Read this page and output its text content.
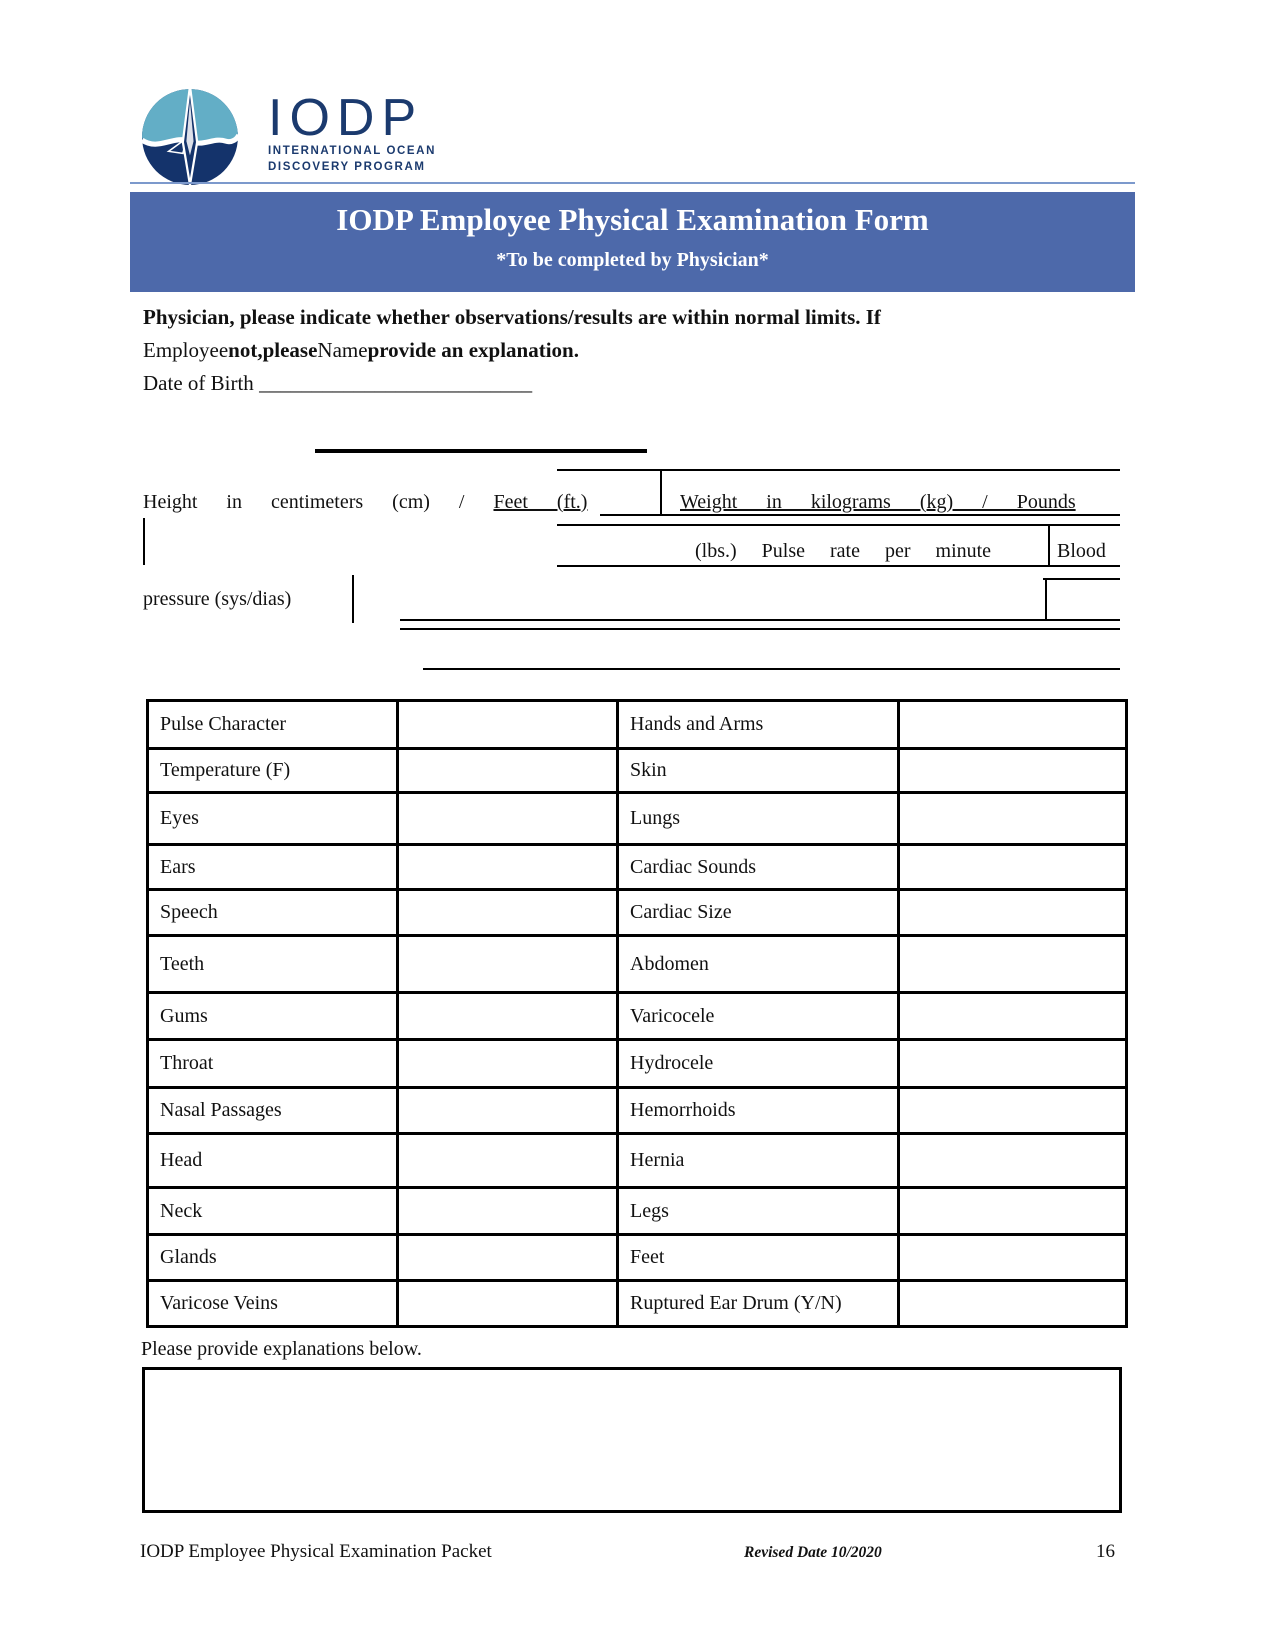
IODP
INTERNATIONAL OCEAN
DISCOVERY PROGRAM
IODP Employee Physical Examination Form
*To be completed by Physician*
Physician, please indicate whether observations/results are within normal limits. If
Employeenot,pleaseNameprovide an explanation.
Date of Birth __________________________
Height in centimeters (cm) / Feet (ft.)	Weight in kilograms (kg) / Pounds
(lbs.) Pulse rate per minute	Blood
pressure (sys/dias)
Pulse Character	Hands and Arms
Temperature (F)	Skin
Eyes	Lungs
Ears	Cardiac Sounds
Speech	Cardiac Size
Teeth	Abdomen
Gums	Varicocele
Throat	Hydrocele
Nasal Passages	Hemorrhoids
Head	Hernia
Neck	Legs
Glands	Feet
Varicose Veins	Ruptured Ear Drum (Y/N)
Please provide explanations below.
IODP Employee Physical Examination Packet	Revised Date 10/2020	16
